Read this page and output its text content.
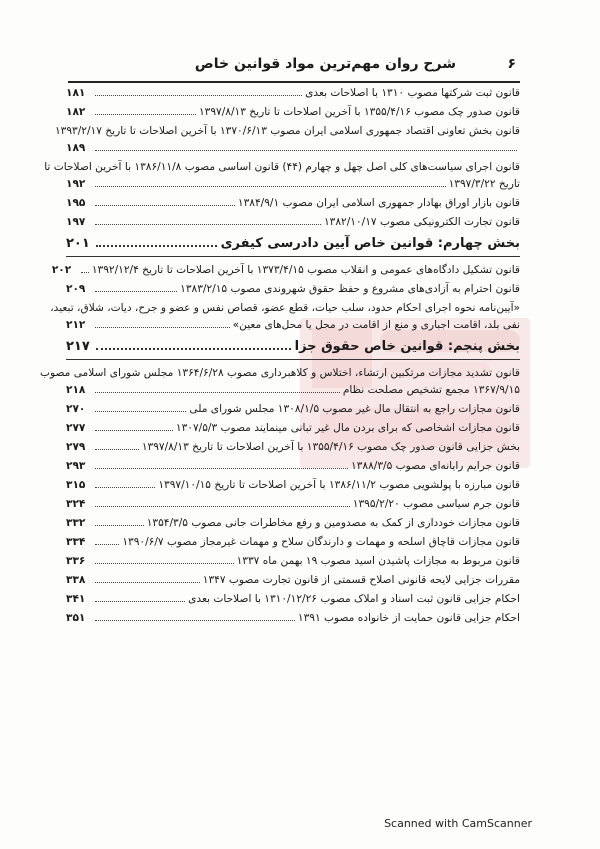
۶
شرح روان مهم‌ترین مواد قوانین خاص
قانون ثبت شرکتها مصوب ۱۳۱۰ با اصلاحات بعدی
۱۸۱
قانون صدور چک مصوب ۱۳۵۵/۴/۱۶ با آخرین اصلاحات تا تاریخ ۱۳۹۷/۸/۱۳
۱۸۲
قانون بخش تعاونی اقتصاد جمهوری اسلامی ایران مصوب ۱۳۷۰/۶/۱۳ با آخرین اصلاحات تا تاریخ ۱۳۹۳/۲/۱۷
۱۸۹
قانون اجرای سیاست‌های کلی اصل چهل و چهارم (۴۴) قانون اساسی مصوب ۱۳۸۶/۱۱/۸ با آخرین اصلاحات تا
تاریخ ۱۳۹۷/۳/۲۲
۱۹۲
قانون بازار اوراق بهادار جمهوری اسلامی ایران مصوب ۱۳۸۴/۹/۱
۱۹۵
قانون تجارت الکترونیکی مصوب ۱۳۸۲/۱۰/۱۷
۱۹۷
بخش چهارم: قوانین خاص آیین دادرسی کیفری
۲۰۱
قانون تشکیل دادگاه‌های عمومی و انقلاب مصوب ۱۳۷۳/۴/۱۵ با آخرین اصلاحات تا تاریخ ۱۳۹۲/۱۲/۴
۲۰۲
قانون احترام به آزادی‌های مشروع و حفظ حقوق شهروندی مصوب ۱۳۸۳/۲/۱۵
۲۰۹
«آیین‌نامه نحوه اجرای احکام حدود، سلب حیات، قطع عضو، قصاص نفس و عضو و جرح، دیات، شلاق، تبعید،
نفی بلد، اقامت اجباری و منع از اقامت در محل یا محل‌های معین»
۲۱۲
بخش پنجم: قوانین خاص حقوق جزا
۲۱۷
قانون تشدید مجازات مرتکبین ارتشاء، اختلاس و کلاهبرداری مصوب ۱۳۶۴/۶/۲۸ مجلس شورای اسلامی مصوب
۱۳۶۷/۹/۱۵ مجمع تشخیص مصلحت نظام
۲۱۸
قانون مجازات راجع به انتقال مال غیر مصوب ۱۳۰۸/۱/۵ مجلس شورای ملی
۲۷۰
قانون مجازات اشخاصی که برای بردن مال غیر تبانی مینمایند مصوب ۱۳۰۷/۵/۳
۲۷۷
بخش جزایی قانون صدور چک مصوب ۱۳۵۵/۴/۱۶ با آخرین اصلاحات تا تاریخ ۱۳۹۷/۸/۱۳
۲۷۹
قانون جرایم رایانه‌ای مصوب ۱۳۸۸/۳/۵
۲۹۳
قانون مبارزه با پولشویی مصوب ۱۳۸۶/۱۱/۲ با آخرین اصلاحات تا تاریخ ۱۳۹۷/۱۰/۱۵
۳۱۵
قانون جرم سیاسی مصوب ۱۳۹۵/۲/۲۰
۳۲۴
قانون مجازات خودداری از کمک به مصدومین و رفع مخاطرات جانی مصوب ۱۳۵۴/۳/۵
۳۳۲
قانون مجازات قاچاق اسلحه و مهمات و دارندگان سلاح و مهمات غیرمجاز مصوب ۱۳۹۰/۶/۷
۳۳۴
قانون مربوط به مجازات پاشیدن اسید مصوب ۱۹ بهمن ماه ۱۳۳۷
۳۳۶
مقررات جزایی لایحه قانونی اصلاح قسمتی از قانون تجارت مصوب ۱۳۴۷
۳۳۸
احکام جزایی قانون ثبت اسناد و املاک مصوب ۱۳۱۰/۱۲/۲۶ با اصلاحات بعدی
۳۴۱
احکام جزایی قانون حمایت از خانواده مصوب ۱۳۹۱
۳۵۱
Scanned with CamScanner
